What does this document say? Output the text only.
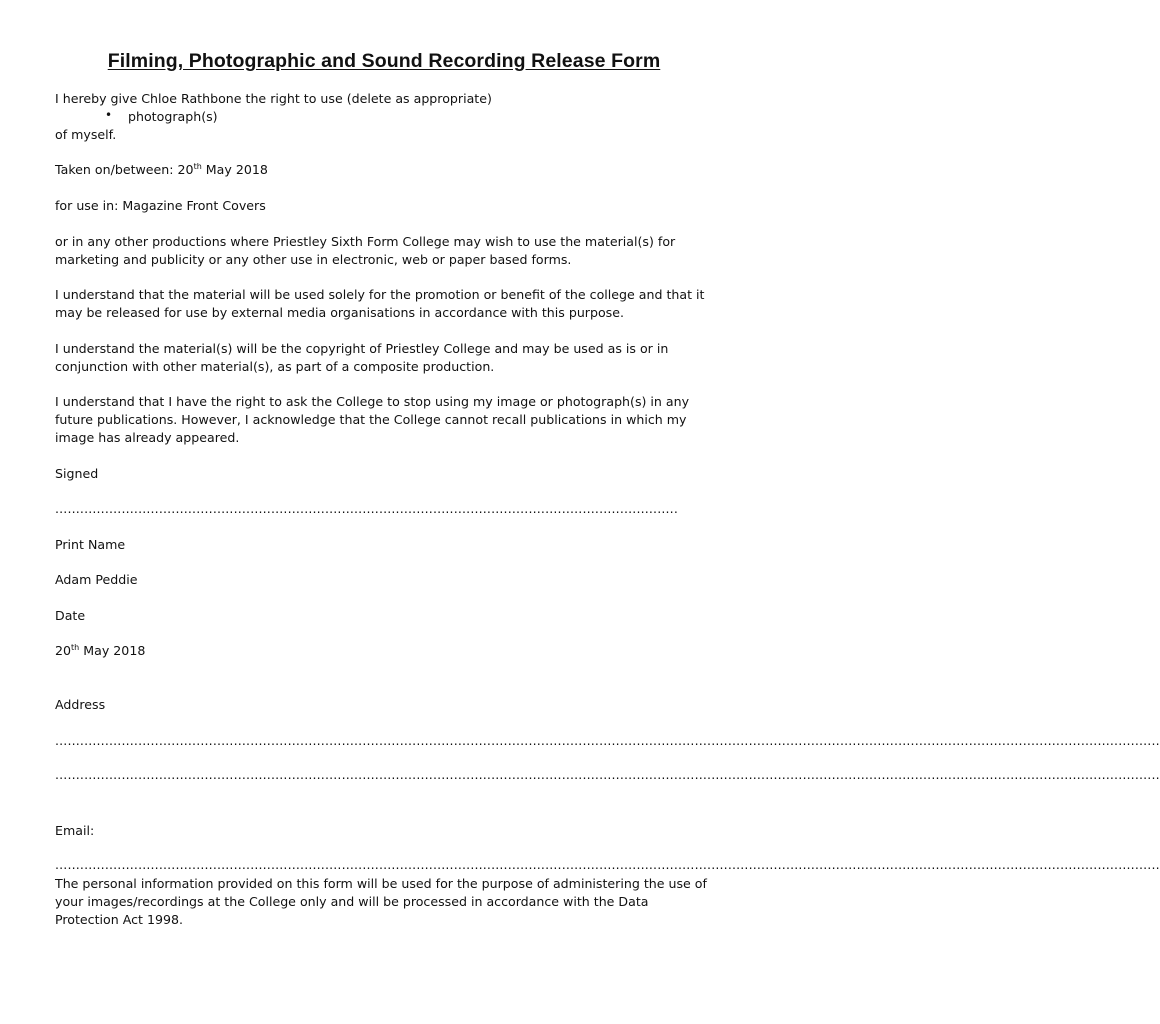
Filming, Photographic and Sound Recording Release Form
I hereby give Chloe Rathbone the right to use (delete as appropriate)
• photograph(s)
of myself.
Taken on/between: 20th May 2018
for use in: Magazine Front Covers
or in any other productions where Priestley Sixth Form College may wish to use the material(s) for marketing and publicity or any other use in electronic, web or paper based forms.
I understand that the material will be used solely for the promotion or benefit of the college and that it may be released for use by external media organisations in accordance with this purpose.
I understand the material(s) will be the copyright of Priestley College and may be used as is or in conjunction with other material(s), as part of a composite production.
I understand that I have the right to ask the College to stop using my image or photograph(s) in any future publications. However, I acknowledge that the College cannot recall publications in which my image has already appeared.
Signed
......................................................................................................................................................
Print Name
Adam Peddie
Date
20th May 2018
Address
..........................................................................................................................................................................................................................................................................
..........................................................................................................................................................................................................................................................................
Email:
..........................................................................................................................................................................................................................................................................
The personal information provided on this form will be used for the purpose of administering the use of your images/recordings at the College only and will be processed in accordance with the Data Protection Act 1998.
